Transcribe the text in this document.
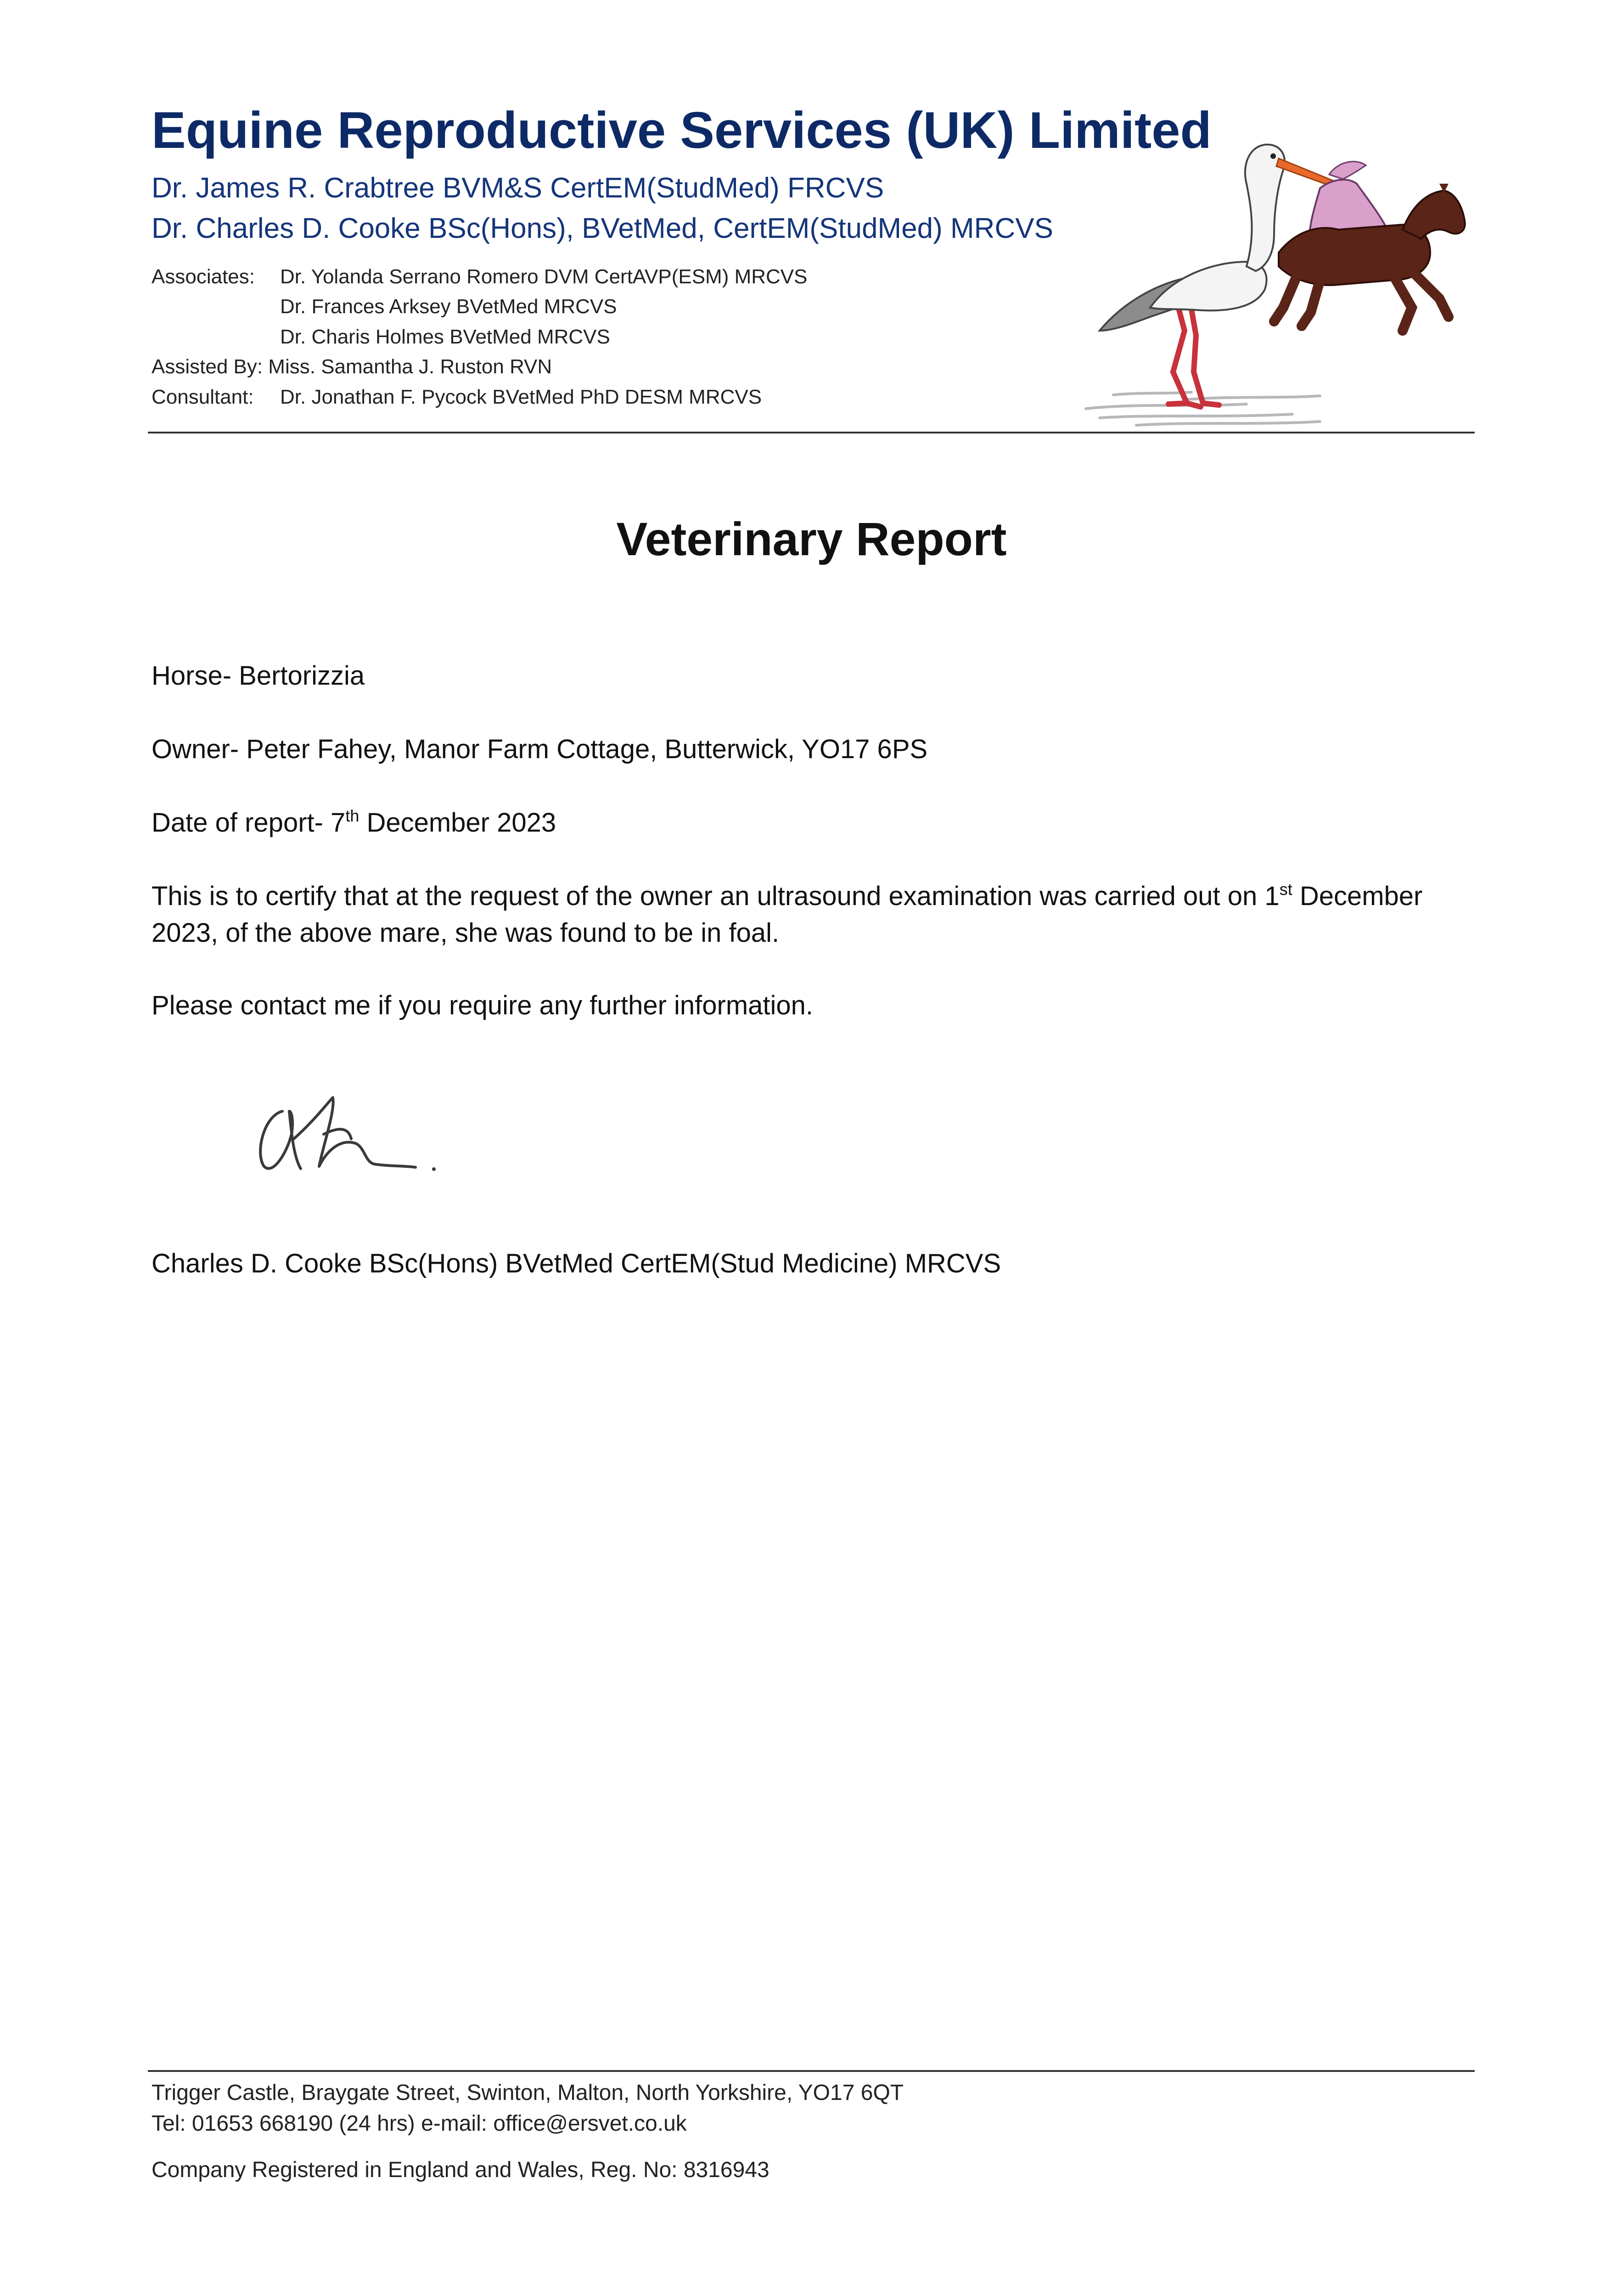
Equine Reproductive Services (UK) Limited
Dr. James R. Crabtree BVM&S CertEM(StudMed) FRCVS
Dr. Charles D. Cooke BSc(Hons), BVetMed, CertEM(StudMed) MRCVS
Associates: Dr. Yolanda Serrano Romero DVM CertAVP(ESM) MRCVS
Dr. Frances Arksey BVetMed MRCVS
Dr. Charis Holmes BVetMed MRCVS
Assisted By: Miss. Samantha J. Ruston RVN
Consultant: Dr. Jonathan F. Pycock BVetMed PhD DESM MRCVS
Veterinary Report
Horse- Bertorizzia
Owner- Peter Fahey, Manor Farm Cottage, Butterwick, YO17 6PS
Date of report- 7th December 2023
This is to certify that at the request of the owner an ultrasound examination was carried out on 1st December 2023, of the above mare, she was found to be in foal.
Please contact me if you require any further information.
Charles D. Cooke BSc(Hons) BVetMed CertEM(Stud Medicine) MRCVS
Trigger Castle, Braygate Street, Swinton, Malton, North Yorkshire, YO17 6QT
Tel: 01653 668190 (24 hrs) e-mail: office@ersvet.co.uk
Company Registered in England and Wales, Reg. No: 8316943
